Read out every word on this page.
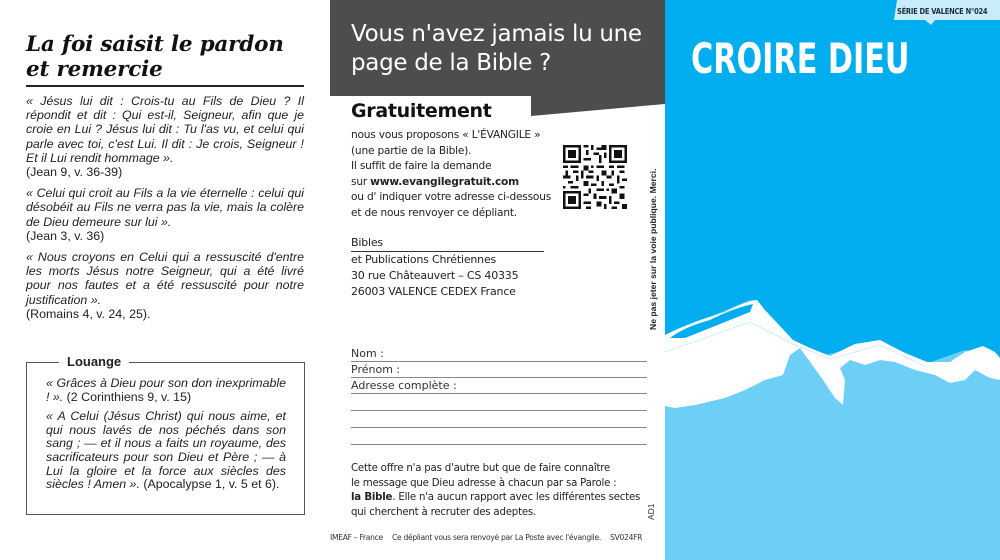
La foi saisit le pardon et remercie
« Jésus lui dit : Crois-tu au Fils de Dieu ? Il répondit et dit : Qui est-il, Seigneur, afin que je croie en Lui ? Jésus lui dit : Tu l'as vu, et celui qui parle avec toi, c'est Lui. Il dit : Je crois, Seigneur ! Et il Lui rendit hommage ».
(Jean 9, v. 36-39)
« Celui qui croit au Fils a la vie éternelle : celui qui désobéit au Fils ne verra pas la vie, mais la colère de Dieu demeure sur lui ».
(Jean 3, v. 36)
« Nous croyons en Celui qui a ressuscité d'entre les morts Jésus notre Seigneur, qui a été livré pour nos fautes et a été ressuscité pour notre justification ».
(Romains 4, v. 24, 25).
Louange

« Grâces à Dieu pour son don inexprimable ! ». (2 Corinthiens 9, v. 15)

« A Celui (Jésus Christ) qui nous aime, et qui nous lavés de nos péchés dans son sang ; — et il nous a faits un royaume, des sacrificateurs pour son Dieu et Père ; — à Lui la gloire et la force aux siècles des siècles ! Amen ». (Apocalypse 1, v. 5 et 6).

Vous n'avez jamais lu une page de la Bible ?
Gratuitement
nous vous proposons « L'ÉVANGILE »
(une partie de la Bible).
Il suffit de faire la demande
sur www.evangilegratuit.com
ou d' indiquer votre adresse ci-dessous
et de nous renvoyer ce dépliant.
Bibles
et Publications Chrétiennes
30 rue Châteauvert – CS 40335
26003 VALENCE CEDEX France	Ne pas jeter sur la voie publique. Merci.
Nom :
Prénom :
Adresse complète :
Cette offre n'a pas d'autre but que de faire connaître
le message que Dieu adresse à chacun par sa Parole :
la Bible. Elle n'a aucun rapport avec les différentes sectes
qui cherchent à recruter des adeptes.	AD1
IMEAF – France Ce dépliant vous sera renvoyé par La Poste avec l'évangile. SV024FR
SÉRIE DE VALENCE N°024
CROIRE DIEU
